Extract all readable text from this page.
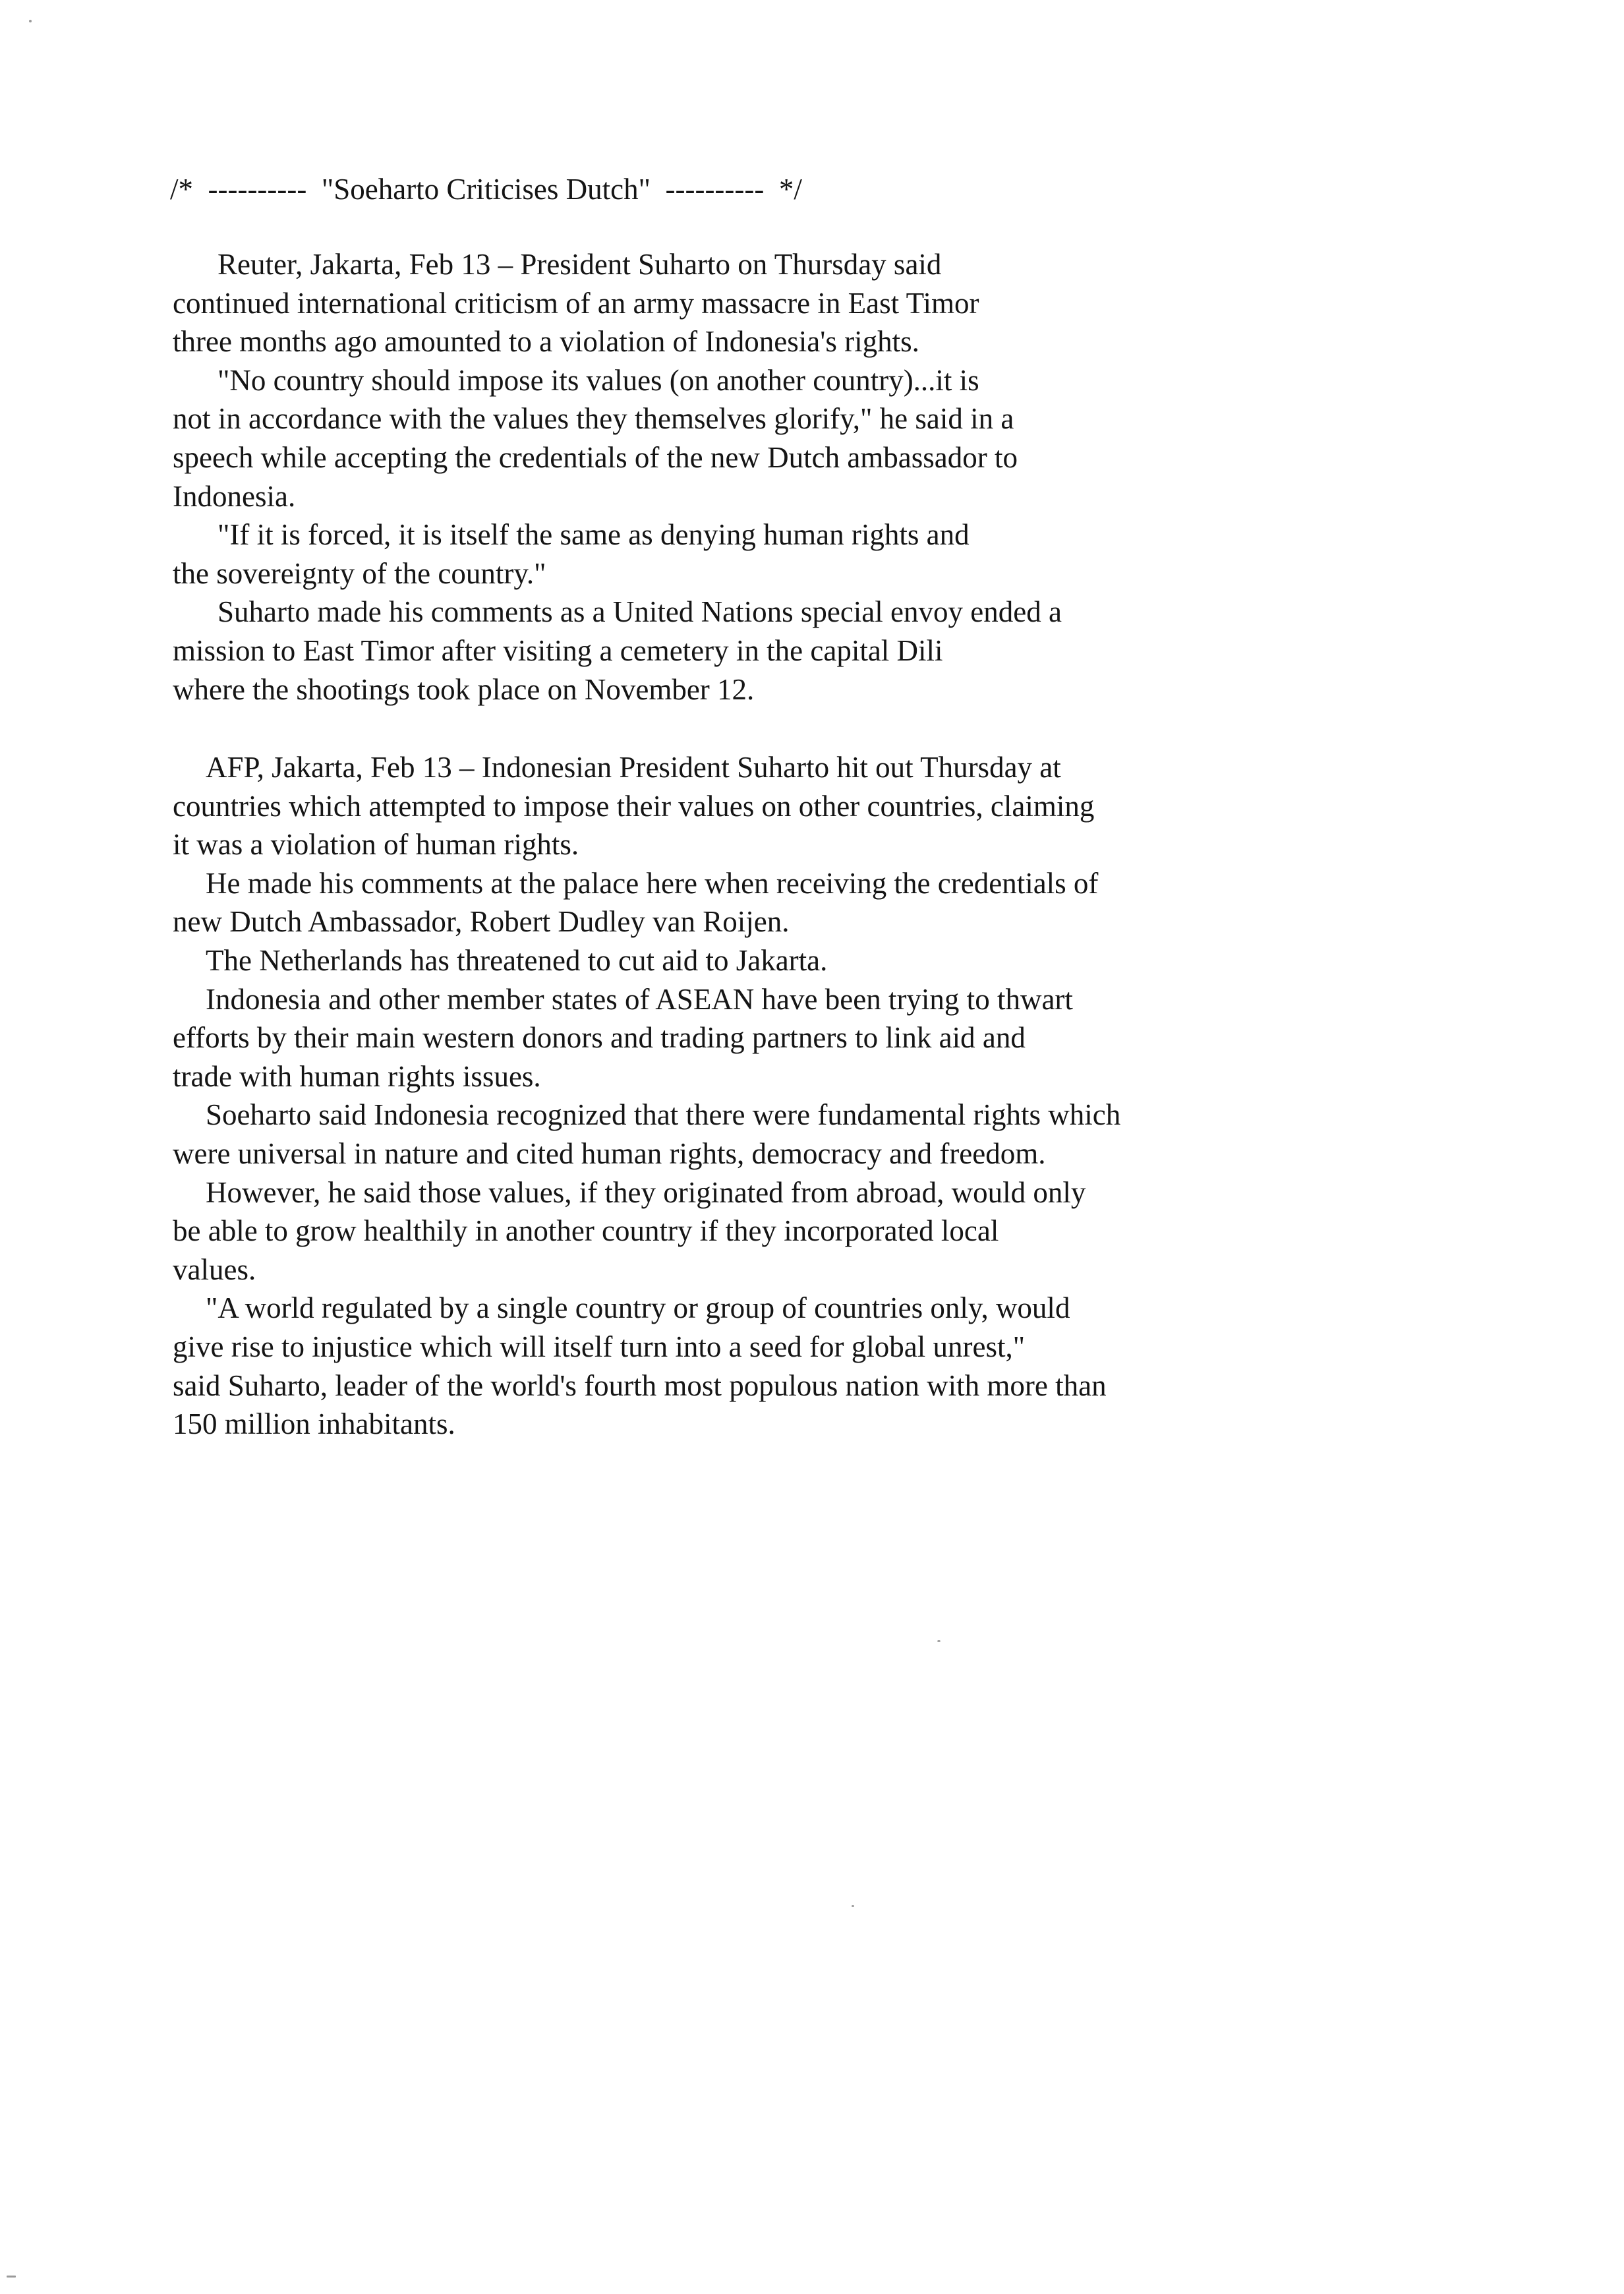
/*  ----------  "Soeharto Criticises Dutch"  ----------  */
Reuter, Jakarta, Feb 13 – President Suharto on Thursday said
continued international criticism of an army massacre in East Timor
three months ago amounted to a violation of Indonesia's rights.
"No country should impose its values (on another country)...it is
not in accordance with the values they themselves glorify," he said in a
speech while accepting the credentials of the new Dutch ambassador to
Indonesia.
"If it is forced, it is itself the same as denying human rights and
the sovereignty of the country."
Suharto made his comments as a United Nations special envoy ended a
mission to East Timor after visiting a cemetery in the capital Dili
where the shootings took place on November 12.
AFP, Jakarta, Feb 13 – Indonesian President Suharto hit out Thursday at
countries which attempted to impose their values on other countries, claiming
it was a violation of human rights.
He made his comments at the palace here when receiving the credentials of
new Dutch Ambassador, Robert Dudley van Roijen.
The Netherlands has threatened to cut aid to Jakarta.
Indonesia and other member states of ASEAN have been trying to thwart
efforts by their main western donors and trading partners to link aid and
trade with human rights issues.
Soeharto said Indonesia recognized that there were fundamental rights which
were universal in nature and cited human rights, democracy and freedom.
However, he said those values, if they originated from abroad, would only
be able to grow healthily in another country if they incorporated local
values.
"A world regulated by a single country or group of countries only, would
give rise to injustice which will itself turn into a seed for global unrest,"
said Suharto, leader of the world's fourth most populous nation with more than
150 million inhabitants.
